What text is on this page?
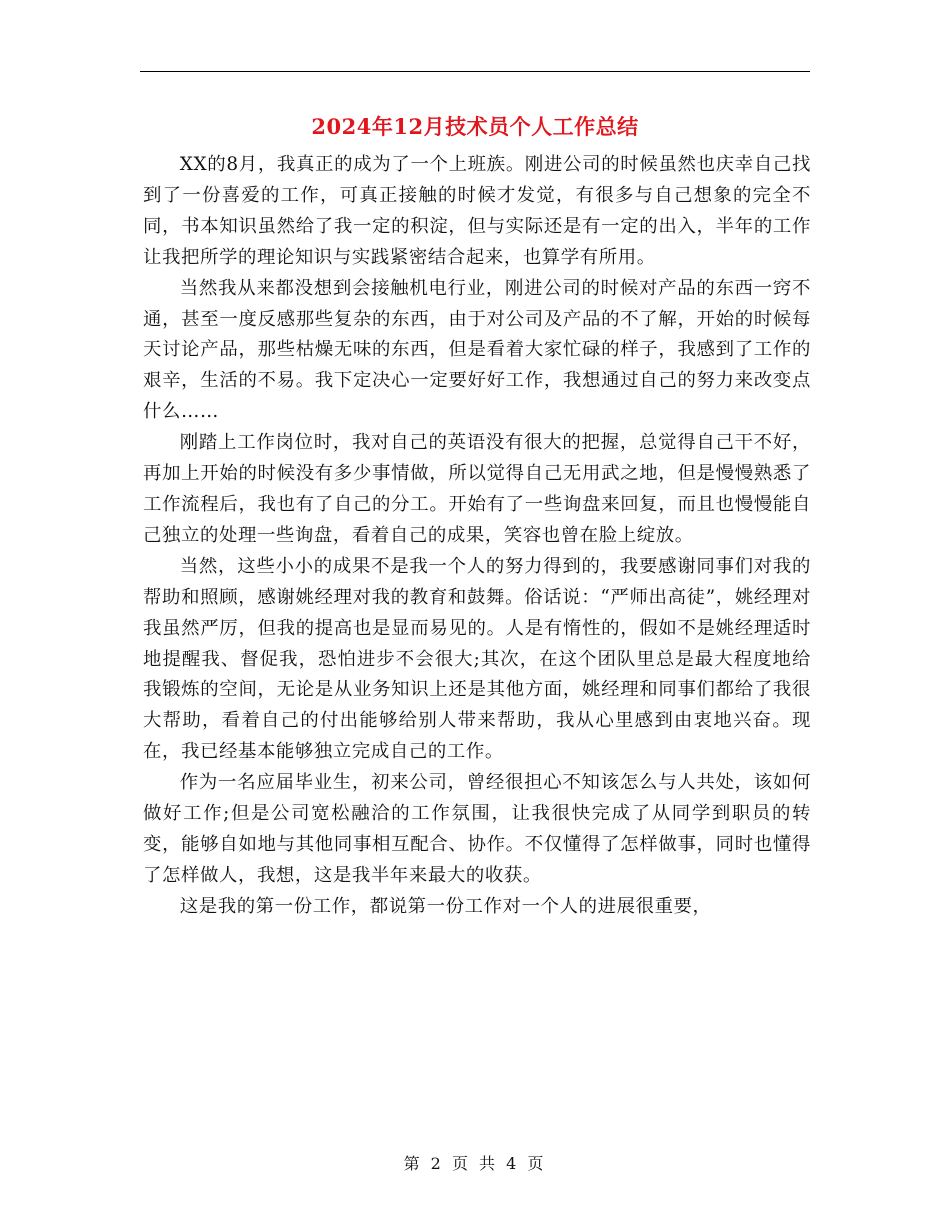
2024年12月技术员个人工作总结

XX的8月，我真正的成为了一个上班族。刚进公司的时候虽然也庆幸自己找到了一份喜爱的工作，可真正接触的时候才发觉，有很多与自己想象的完全不同，书本知识虽然给了我一定的积淀，但与实际还是有一定的出入，半年的工作让我把所学的理论知识与实践紧密结合起来，也算学有所用。

当然我从来都没想到会接触机电行业，刚进公司的时候对产品的东西一窍不通，甚至一度反感那些复杂的东西，由于对公司及产品的不了解，开始的时候每天讨论产品，那些枯燥无味的东西，但是看着大家忙碌的样子，我感到了工作的艰辛，生活的不易。我下定决心一定要好好工作，我想通过自己的努力来改变点什么……

刚踏上工作岗位时，我对自己的英语没有很大的把握，总觉得自己干不好，再加上开始的时候没有多少事情做，所以觉得自己无用武之地，但是慢慢熟悉了工作流程后，我也有了自己的分工。开始有了一些询盘来回复，而且也慢慢能自己独立的处理一些询盘，看着自己的成果，笑容也曾在脸上绽放。

当然，这些小小的成果不是我一个人的努力得到的，我要感谢同事们对我的帮助和照顾，感谢姚经理对我的教育和鼓舞。俗话说：“严师出高徒”，姚经理对我虽然严厉，但我的提高也是显而易见的。人是有惰性的，假如不是姚经理适时地提醒我、督促我，恐怕进步不会很大;其次，在这个团队里总是最大程度地给我锻炼的空间，无论是从业务知识上还是其他方面，姚经理和同事们都给了我很大帮助，看着自己的付出能够给别人带来帮助，我从心里感到由衷地兴奋。现在，我已经基本能够独立完成自己的工作。

作为一名应届毕业生，初来公司，曾经很担心不知该怎么与人共处，该如何做好工作;但是公司宽松融洽的工作氛围，让我很快完成了从同学到职员的转变，能够自如地与其他同事相互配合、协作。不仅懂得了怎样做事，同时也懂得了怎样做人，我想，这是我半年来最大的收获。

这是我的第一份工作，都说第一份工作对一个人的进展很重要，

第 2 页 共 4 页
